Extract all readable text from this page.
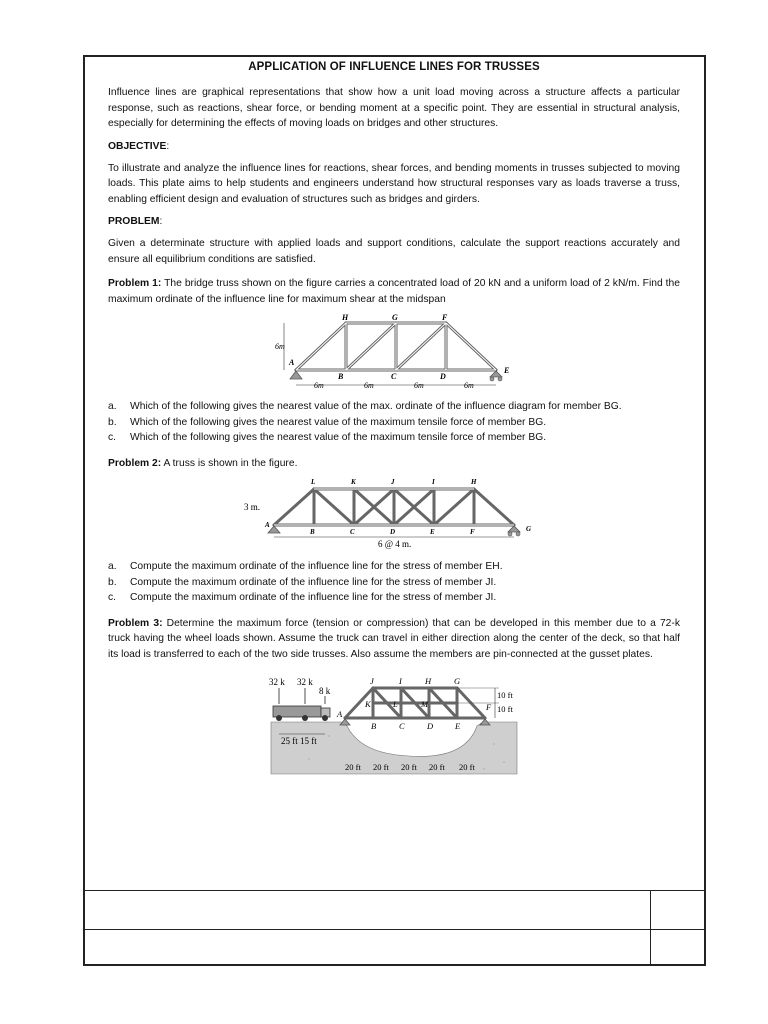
APPLICATION OF INFLUENCE LINES FOR TRUSSES

Influence lines are graphical representations that show how a unit load moving across a structure affects a particular response, such as reactions, shear force, or bending moment at a specific point. They are essential in structural analysis, especially for determining the effects of moving loads on bridges and other structures.

OBJECTIVE:

To illustrate and analyze the influence lines for reactions, shear forces, and bending moments in trusses subjected to moving loads. This plate aims to help students and engineers understand how structural responses vary as loads traverse a truss, enabling efficient design and evaluation of structures such as bridges and girders.

PROBLEM:

Given a determinate structure with applied loads and support conditions, calculate the support reactions accurately and ensure all equilibrium conditions are satisfied.

Problem 1: The bridge truss shown on the figure carries a concentrated load of 20 kN and a uniform load of 2 kN/m. Find the maximum ordinate of the influence line for maximum shear at the midspan

6m
6m	6m	6m	6m
H	G	F
A
B	C	D
E
a. Which of the following gives the nearest value of the max. ordinate of the influence diagram for member BG.
b. Which of the following gives the nearest value of the maximum tensile force of member BG.
c. Which of the following gives the nearest value of the maximum tensile force of member BG.

Problem 2: A truss is shown in the figure.

3 m.
6 @ 4 m.
L	K	J	I	H
A
B	C	D	E	F	G
a. Compute the maximum ordinate of the influence line for the stress of member EH.
b. Compute the maximum ordinate of the influence line for the stress of member JI.
c. Compute the maximum ordinate of the influence line for the stress of member JI.

Problem 3: Determine the maximum force (tension or compression) that can be developed in this member due to a 72-k truck having the wheel loads shown. Assume the truck can travel in either direction along the center of the deck, so that half its load is transferred to each of the two side trusses. Also assume the members are pin-connected at the gusset plates.

32 k 32 k
8 k
25 ft 15 ft
10 ft
10 ft
20 ft 20 ft 20 ft 20 ft 20 ft
J	I	H	G
K	L	M
A
B	C	D	E
F
